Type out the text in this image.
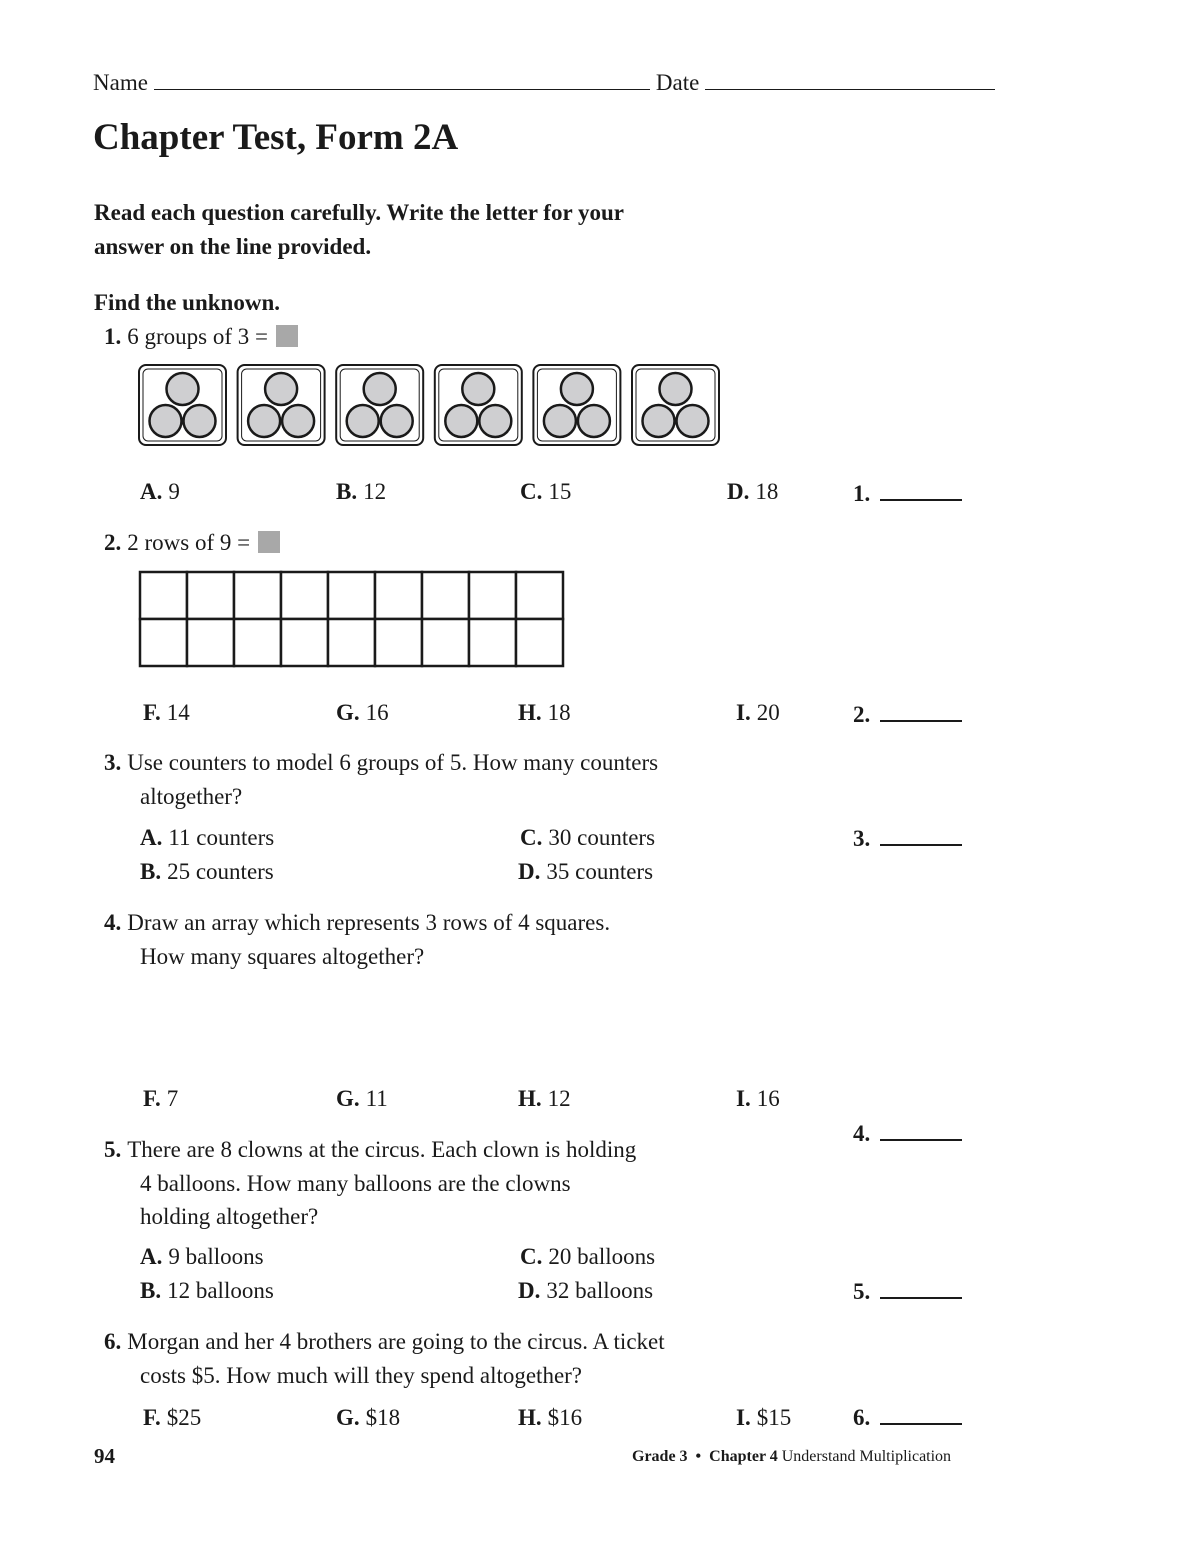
Name	Date
Chapter Test, Form 2A
Read each question carefully. Write the letter for your
answer on the line provided.
Find the unknown.
1. 6 groups of 3 =
A. 9	B. 12	C. 15	D. 18	1.
2. 2 rows of 9 =
F. 14	G. 16	H. 18	I. 20	2.
3. Use counters to model 6 groups of 5. How many counters
altogether?
A. 11 counters
B. 25 counters
C. 30 counters
D. 35 counters
3.
4. Draw an array which represents 3 rows of 4 squares.
How many squares altogether?
F. 7	G. 11	H. 12	I. 16
4.
5. There are 8 clowns at the circus. Each clown is holding
4 balloons. How many balloons are the clowns
holding altogether?
A. 9 balloons
B. 12 balloons
C. 20 balloons
D. 32 balloons	5.
6. Morgan and her 4 brothers are going to the circus. A ticket
costs $5. How much will they spend altogether?
F. $25	G. $18	H. $16	I. $15	6.
94	Grade 3 • Chapter 4 Understand Multiplication
